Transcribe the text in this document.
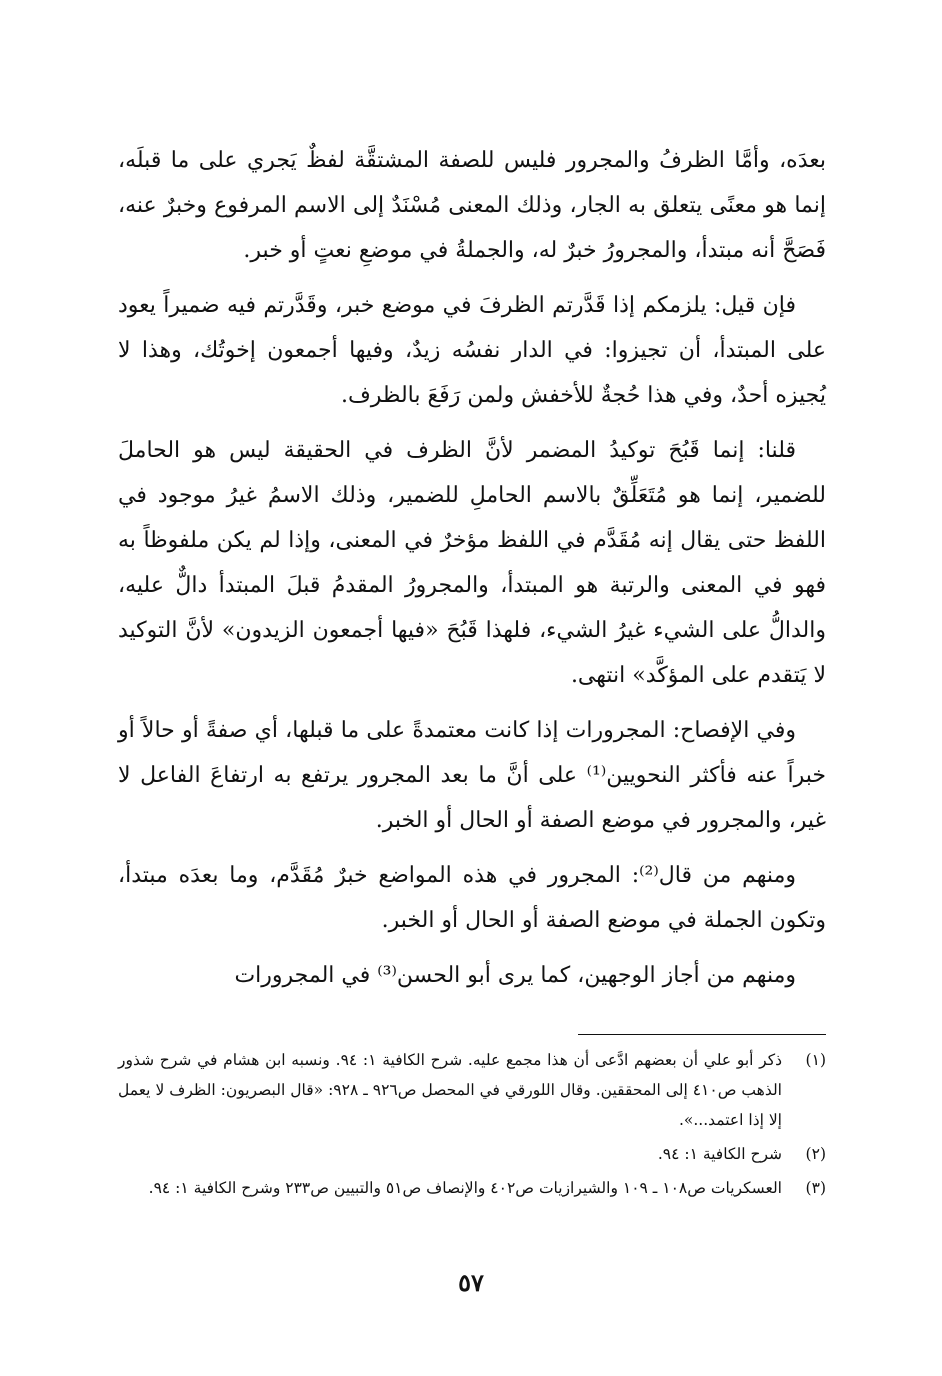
بعدَه، وأمَّا الظرفُ والمجرور فليس للصفة المشتقَّة لفظٌ يَجري على ما قبلَه، إنما هو معنًى يتعلق به الجار، وذلك المعنى مُسْنَدٌ إلى الاسم المرفوع وخبرٌ عنه، فَصَحَّ أنه مبتدأ، والمجرورُ خبرٌ له، والجملةُ في موضعِ نعتٍ أو خبر.

فإن قيل: يلزمكم إذا قَدَّرتم الظرفَ في موضع خبر، وقَدَّرتم فيه ضميراً يعود على المبتدأ، أن تجيزوا: في الدار نفسُه زيدٌ، وفيها أجمعون إخوتُك، وهذا لا يُجيزه أحدٌ، وفي هذا حُجةٌ للأخفش ولمن رَفَعَ بالظرف.

قلنا: إنما قَبُحَ توكيدُ المضمر لأنَّ الظرف في الحقيقة ليس هو الحاملَ للضمير، إنما هو مُتَعَلِّقٌ بالاسم الحاملِ للضمير، وذلك الاسمُ غيرُ موجود في اللفظ حتى يقال إنه مُقَدَّم في اللفظ مؤخرٌ في المعنى، وإذا لم يكن ملفوظاً به فهو في المعنى والرتبة هو المبتدأ، والمجرورُ المقدمُ قبلَ المبتدأ دالٌّ عليه، والدالُّ على الشيء غيرُ الشيء، فلهذا قَبُحَ «فيها أجمعون الزيدون» لأنَّ التوكيد لا يَتقدم على المؤكَّد» انتهى.

وفي الإفصاح: المجرورات إذا كانت معتمدةً على ما قبلها، أي صفةً أو حالاً أو خبراً عنه فأكثر النحويين⁽¹⁾ على أنَّ ما بعد المجرور يرتفع به ارتفاعَ الفاعل لا غير، والمجرور في موضع الصفة أو الحال أو الخبر.

ومنهم من قال⁽²⁾: المجرور في هذه المواضع خبرٌ مُقَدَّم، وما بعدَه مبتدأ، وتكون الجملة في موضع الصفة أو الحال أو الخبر.

ومنهم من أجاز الوجهين، كما يرى أبو الحسن⁽³⁾ في المجرورات

(١)
ذكر أبو علي أن بعضهم ادَّعى أن هذا مجمع عليه. شرح الكافية ١: ٩٤. ونسبه ابن هشام في شرح شذور الذهب ص٤١٠ إلى المحققين. وقال اللورقي في المحصل ص٩٢٦ ـ ٩٢٨: «قال البصريون: الظرف لا يعمل إلا إذا اعتمد...».
(٢)
شرح الكافية ١: ٩٤.
(٣)
العسكريات ص١٠٨ ـ ١٠٩ والشيرازيات ص٤٠٢ والإنصاف ص٥١ والتبيين ص٢٣٣ وشرح الكافية ١: ٩٤.
٥٧
